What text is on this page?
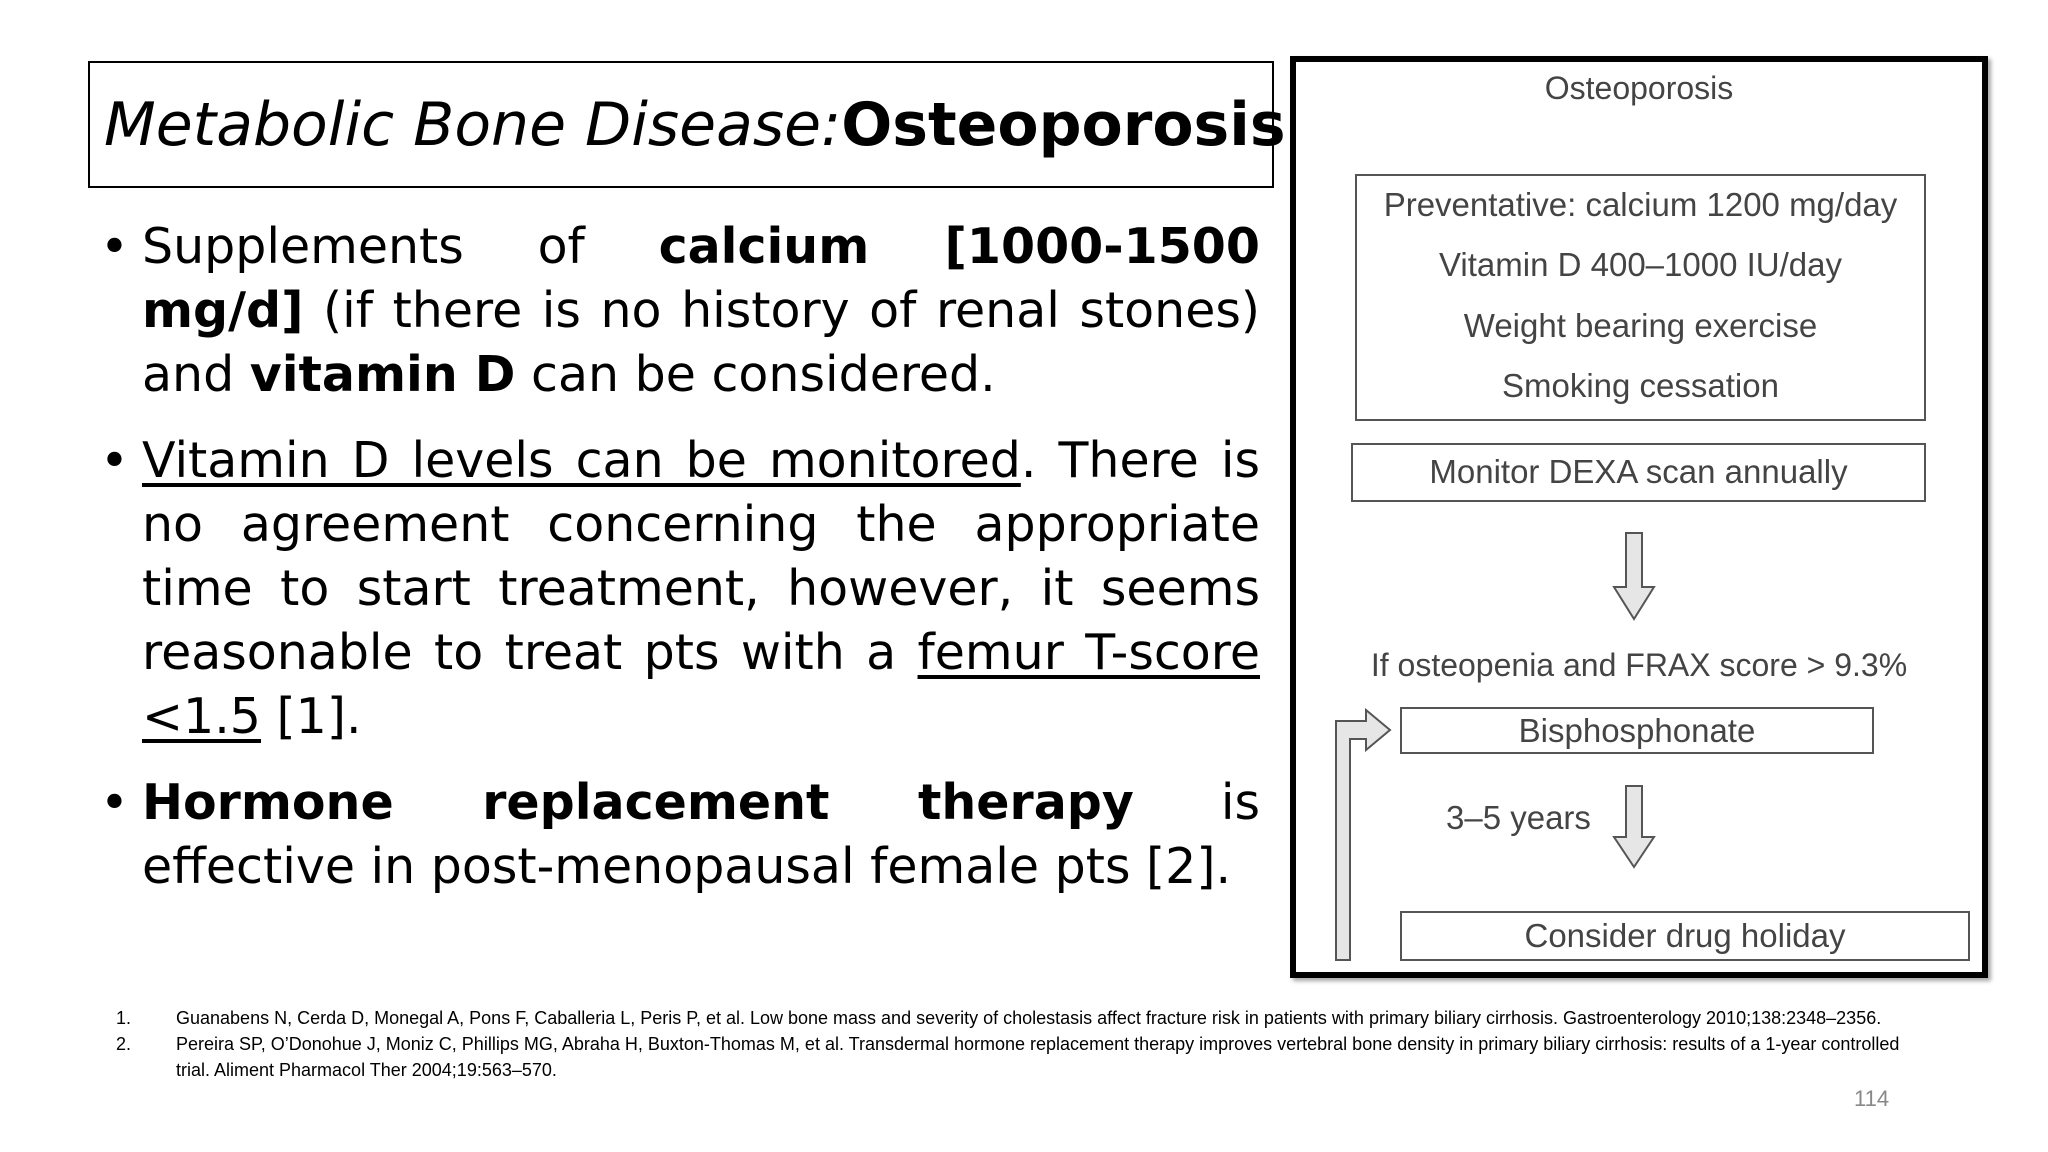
Metabolic Bone Disease:Osteoporosis
• Supplements of calcium [1000-1500 mg/d] (if there is no history of renal stones) and vitamin D can be considered.
• Vitamin D levels can be monitored. There is no agreement concerning the appropriate time to start treatment, however, it seems reasonable to treat pts with a femur T-score <1.5 [1].
• Hormone replacement therapy is effective in post-menopausal female pts [2].
Osteoporosis
Preventative: calcium 1200 mg/day
Vitamin D 400–1000 IU/day
Weight bearing exercise
Smoking cessation
Monitor DEXA scan annually
If osteopenia and FRAX score > 9.3%
Bisphosphonate
3–5 years
Consider drug holiday
1. Guanabens N, Cerda D, Monegal A, Pons F, Caballeria L, Peris P, et al. Low bone mass and severity of cholestasis affect fracture risk in patients with primary biliary cirrhosis. Gastroenterology 2010;138:2348–2356.
2. Pereira SP, O’Donohue J, Moniz C, Phillips MG, Abraha H, Buxton-Thomas M, et al. Transdermal hormone replacement therapy improves vertebral bone density in primary biliary cirrhosis: results of a 1-year controlled trial. Aliment Pharmacol Ther 2004;19:563–570.
114
